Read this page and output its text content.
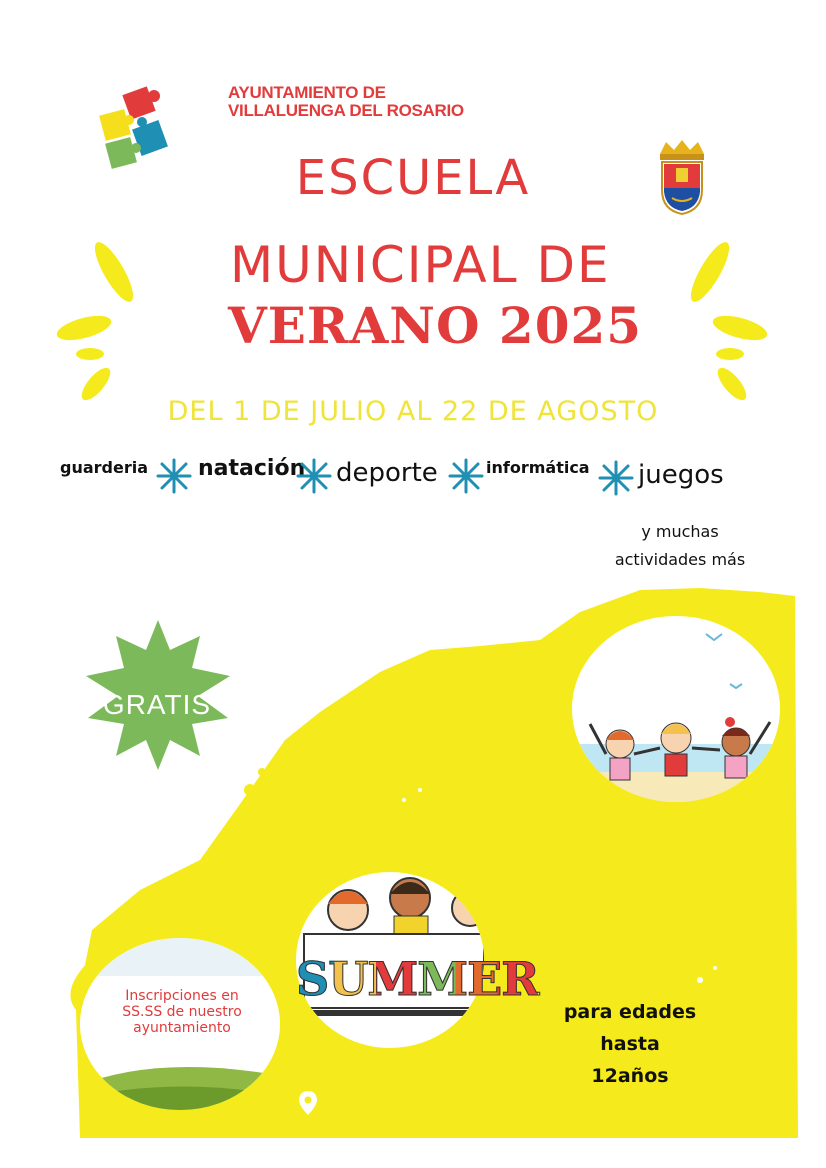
AYUNTAMIENTO DE
VILLALUENGA DEL ROSARIO
ESCUELA
MUNICIPAL DE
VERANO 2025
DEL 1 DE JULIO AL 22 DE AGOSTO
guarderia natación deporte	informática juegos
y muchas
actividades más
GRATIS
SUMMER
Inscripciones en
SS.SS de nuestro
ayuntamiento
para edades
hasta 12años
